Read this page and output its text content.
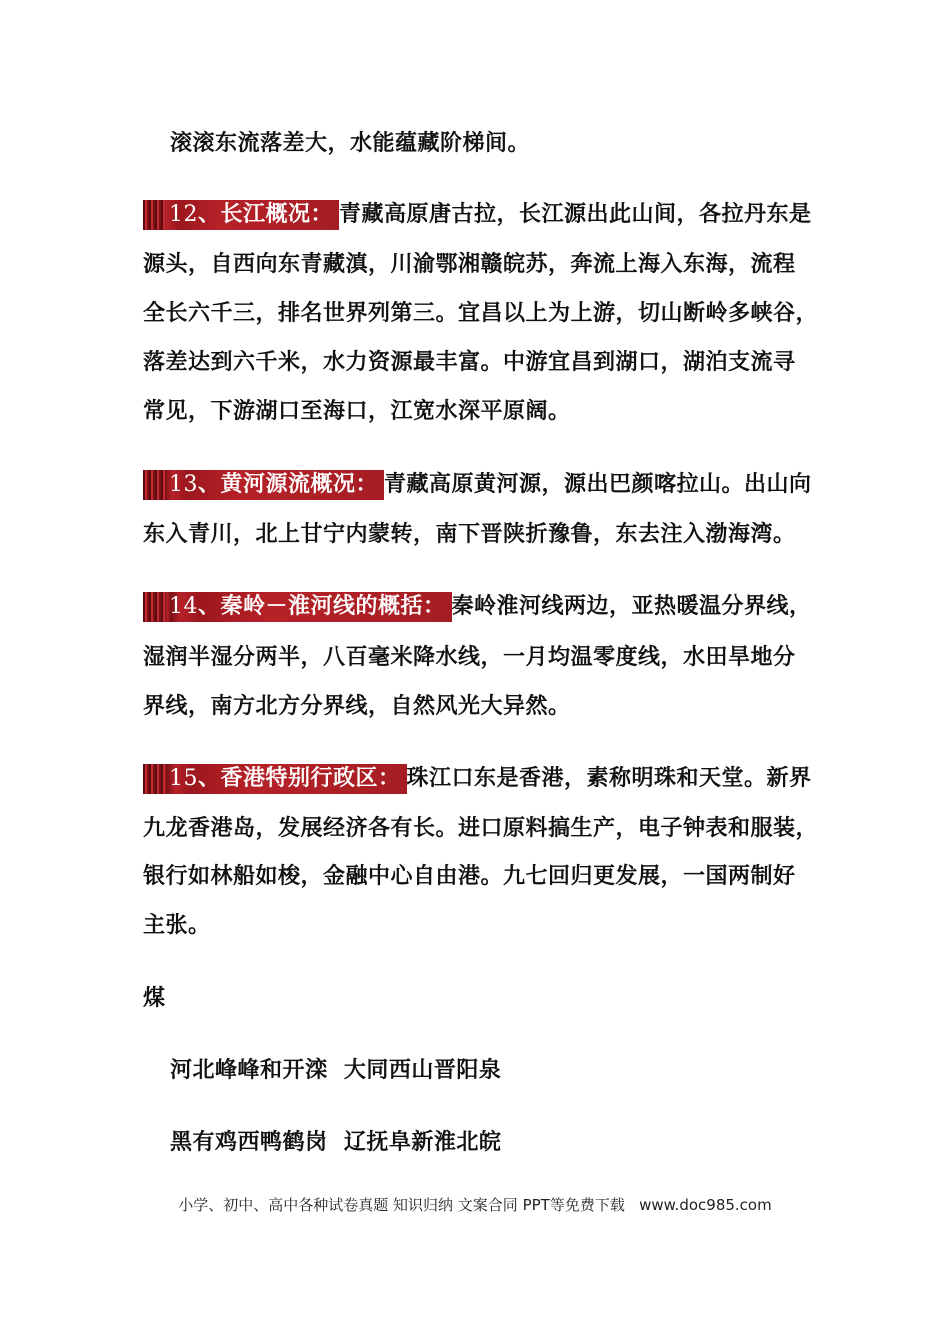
滚滚东流落差大，水能蕴藏阶梯间。
12、长江概况： 青藏高原唐古拉，长江源出此山间，各拉丹东是
源头，自西向东青藏滇，川渝鄂湘赣皖苏，奔流上海入东海，流程
全长六千三，排名世界列第三。宜昌以上为上游，切山断岭多峡谷，
落差达到六千米，水力资源最丰富。中游宜昌到湖口，湖泊支流寻
常见，下游湖口至海口，江宽水深平原阔。
13、黄河源流概况： 青藏高原黄河源，源出巴颜喀拉山。出山向
东入青川，北上甘宁内蒙转，南下晋陕折豫鲁，东去注入渤海湾。
14、秦岭－淮河线的概括： 秦岭淮河线两边，亚热暖温分界线，
湿润半湿分两半，八百毫米降水线，一月均温零度线，水田旱地分
界线，南方北方分界线，自然风光大异然。
15、香港特别行政区： 珠江口东是香港，素称明珠和天堂。新界
九龙香港岛，发展经济各有长。进口原料搞生产，电子钟表和服装，
银行如林船如梭，金融中心自由港。九七回归更发展，一国两制好
主张。
煤
河北峰峰和开滦  大同西山晋阳泉
黑有鸡西鸭鹤岗  辽抚阜新淮北皖
小学、初中、高中各种试卷真题 知识归纳 文案合同 PPT等免费下载   www.doc985.com
